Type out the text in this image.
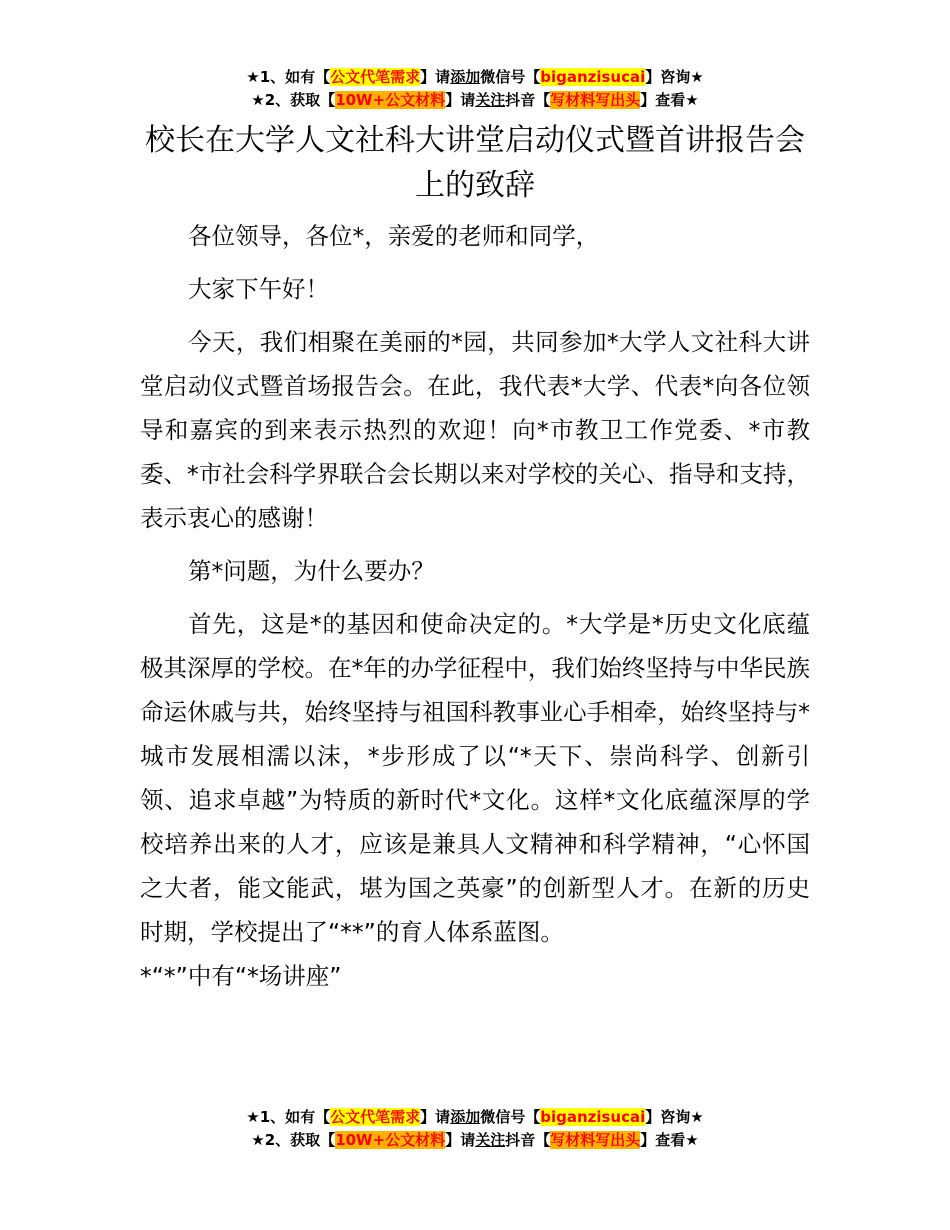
★1、如有【公文代笔需求】请添加微信号【biganzisucai】咨询★
★2、获取【10W+公文材料】请关注抖音【写材料写出头】查看★
校长在大学人文社科大讲堂启动仪式暨首讲报告会上的致辞

各位领导，各位*，亲爱的老师和同学，

大家下午好！

今天，我们相聚在美丽的*园，共同参加*大学人文社科大讲堂启动仪式暨首场报告会。在此，我代表*大学、代表*向各位领导和嘉宾的到来表示热烈的欢迎！向*市教卫工作党委、*市教委、*市社会科学界联合会长期以来对学校的关心、指导和支持，表示衷心的感谢！

第*问题，为什么要办？

首先，这是*的基因和使命决定的。*大学是*历史文化底蕴极其深厚的学校。在*年的办学征程中，我们始终坚持与中华民族命运休戚与共，始终坚持与祖国科教事业心手相牵，始终坚持与*城市发展相濡以沫，*步形成了以“*天下、崇尚科学、创新引领、追求卓越”为特质的新时代*文化。这样*文化底蕴深厚的学校培养出来的人才，应该是兼具人文精神和科学精神，“心怀国之大者，能文能武，堪为国之英豪”的创新型人才。在新的历史时期，学校提出了“**”的育人体系蓝图。

*“*”中有“*场讲座”

★1、如有【公文代笔需求】请添加微信号【biganzisucai】咨询★
★2、获取【10W+公文材料】请关注抖音【写材料写出头】查看★
